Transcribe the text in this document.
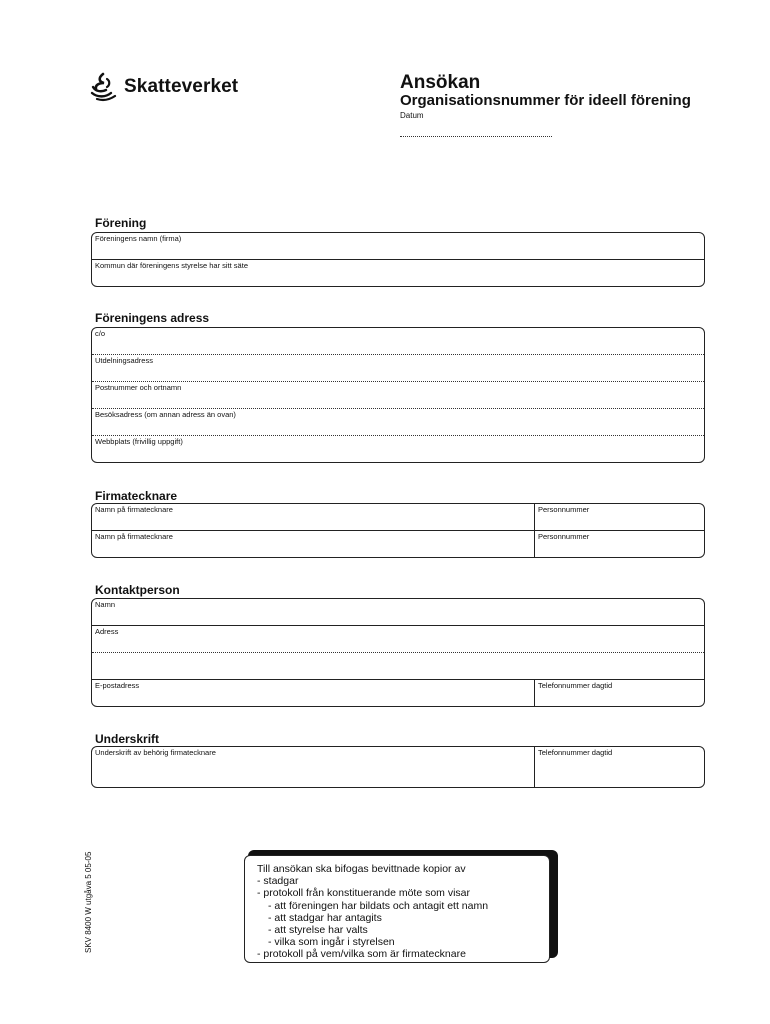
Skatteverket	Ansökan
Organisationsnummer för ideell förening
Datum
Förening
Föreningens namn (firma)
Kommun där föreningens styrelse har sitt säte
Föreningens adress
c/o
Utdelningsadress
Postnummer och ortnamn
Besöksadress (om annan adress än ovan)
Webbplats (frivillig uppgift)
Firmatecknare
Namn på firmatecknare	Personnummer
Namn på firmatecknare	Personnummer
Kontaktperson
Namn
Adress
E-postadress	Telefonnummer dagtid
Underskrift
Underskrift av behörig firmatecknare	Telefonnummer dagtid
SKV 8400 W utgåva 5 05-05	Till ansökan ska bifogas bevittnade kopior av
- stadgar
- protokoll från konstituerande möte som visar
- att föreningen har bildats och antagit ett namn
- att stadgar har antagits
- att styrelse har valts
- vilka som ingår i styrelsen
- protokoll på vem/vilka som är firmatecknare
